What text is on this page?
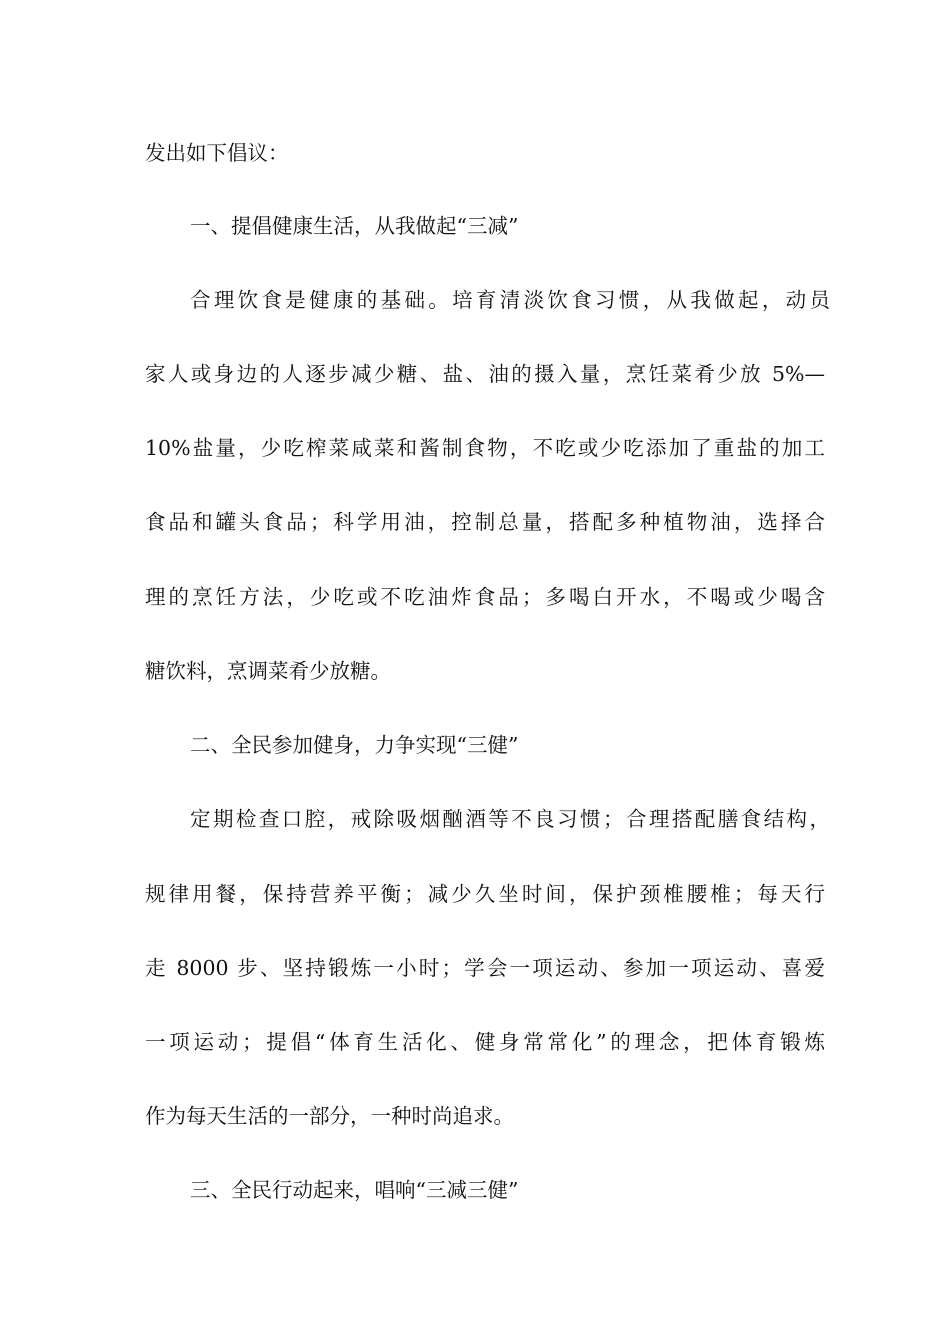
发出如下倡议：
一、提倡健康生活，从我做起“三减”
合理饮食是健康的基础。培育清淡饮食习惯，从我做起，动员
家人或身边的人逐步减少糖、盐、油的摄入量，烹饪菜肴少放 5%—
10%盐量，少吃榨菜咸菜和酱制食物，不吃或少吃添加了重盐的加工
食品和罐头食品；科学用油，控制总量，搭配多种植物油，选择合
理的烹饪方法，少吃或不吃油炸食品；多喝白开水，不喝或少喝含
糖饮料，烹调菜肴少放糖。
二、全民参加健身，力争实现“三健”
定期检查口腔，戒除吸烟酗酒等不良习惯；合理搭配膳食结构，
规律用餐，保持营养平衡；减少久坐时间，保护颈椎腰椎；每天行
走 8000 步、坚持锻炼一小时；学会一项运动、参加一项运动、喜爱
一项运动；提倡“体育生活化、健身常常化”的理念，把体育锻炼
作为每天生活的一部分，一种时尚追求。
三、全民行动起来，唱响“三减三健”
